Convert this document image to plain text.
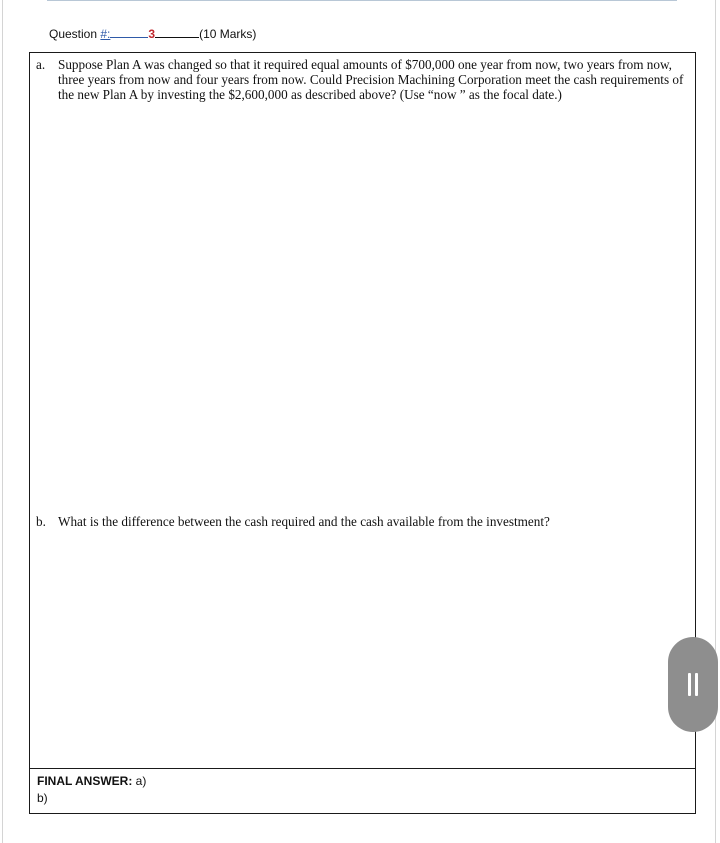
Question #:	3	(10 Marks)
a. Suppose Plan A was changed so that it required equal amounts of $700,000 one year from now, two years from now, three years from now and four years from now. Could Precision Machining Corporation meet the cash requirements of the new Plan A by investing the $2,600,000 as described above? (Use “now ” as the focal date.)
b. What is the difference between the cash required and the cash available from the investment?
FINAL ANSWER: a)
b)
